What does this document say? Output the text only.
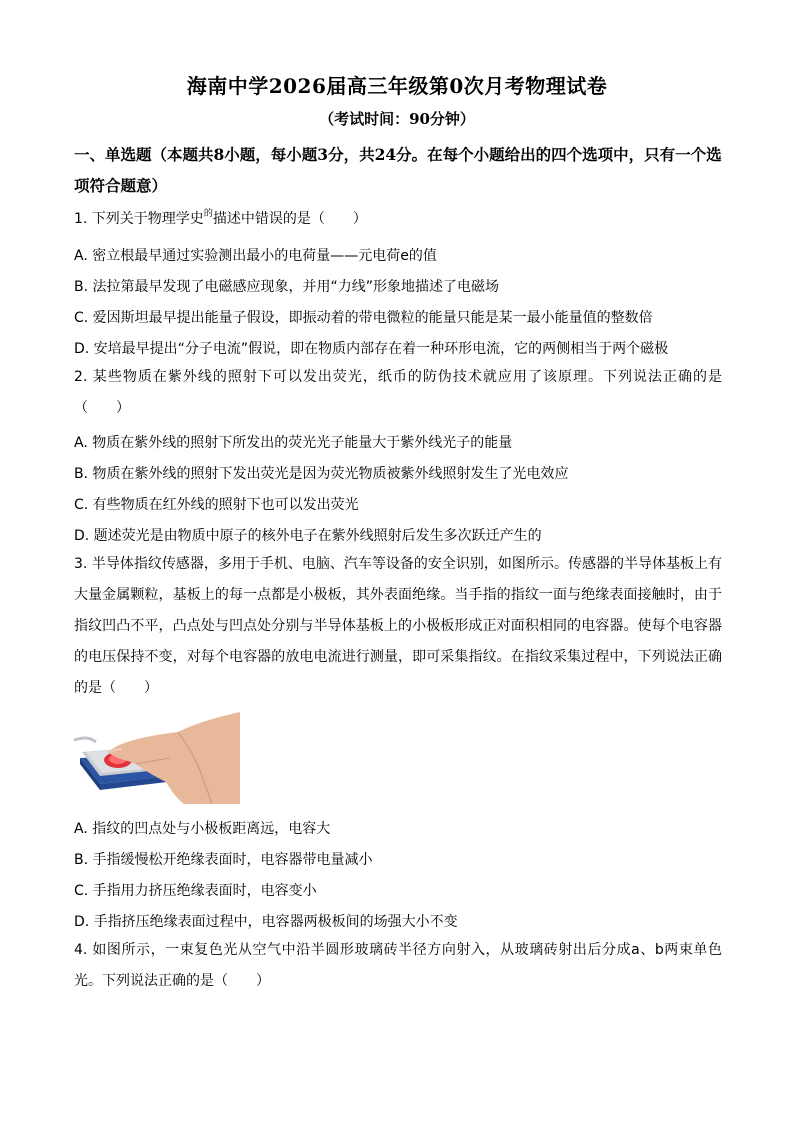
海南中学2026届高三年级第0次月考物理试卷
（考试时间：90分钟）
一、单选题（本题共8小题，每小题3分，共24分。在每个小题给出的四个选项中，只有一个选项符合题意）
1. 下列关于物理学史$^的$描述中错误的是（　　）
A. 密立根最早通过实验测出最小的电荷量——元电荷e的值
B. 法拉第最早发现了电磁感应现象，并用“力线”形象地描述了电磁场
C. 爱因斯坦最早提出能量子假设，即振动着的带电微粒的能量只能是某一最小能量值的整数倍
D. 安培最早提出“分子电流”假说，即在物质内部存在着一种环形电流，它的两侧相当于两个磁极
2. 某些物质在紫外线的照射下可以发出荧光，纸币的防伪技术就应用了该原理。下列说法正确的是（　　）
A. 物质在紫外线的照射下所发出的荧光光子能量大于紫外线光子的能量
B. 物质在紫外线的照射下发出荧光是因为荧光物质被紫外线照射发生了光电效应
C. 有些物质在红外线的照射下也可以发出荧光
D. 题述荧光是由物质中原子的核外电子在紫外线照射后发生多次跃迁产生的
3. 半导体指纹传感器，多用于手机、电脑、汽车等设备的安全识别，如图所示。传感器的半导体基板上有大量金属颗粒，基板上的每一点都是小极板，其外表面绝缘。当手指的指纹一面与绝缘表面接触时，由于指纹凹凸不平，凸点处与凹点处分别与半导体基板上的小极板形成正对面积相同的电容器。使每个电容器的电压保持不变，对每个电容器的放电电流进行测量，即可采集指纹。在指纹采集过程中，下列说法正确的是（　　）
A. 指纹的凹点处与小极板距离远，电容大
B. 手指缓慢松开绝缘表面时，电容器带电量减小
C. 手指用力挤压绝缘表面时，电容变小
D. 手指挤压绝缘表面过程中，电容器两极板间的场强大小不变
4. 如图所示，一束复色光从空气中沿半圆形玻璃砖半径方向射入，从玻璃砖射出后分成a、b两束单色光。下列说法正确的是（　　）
